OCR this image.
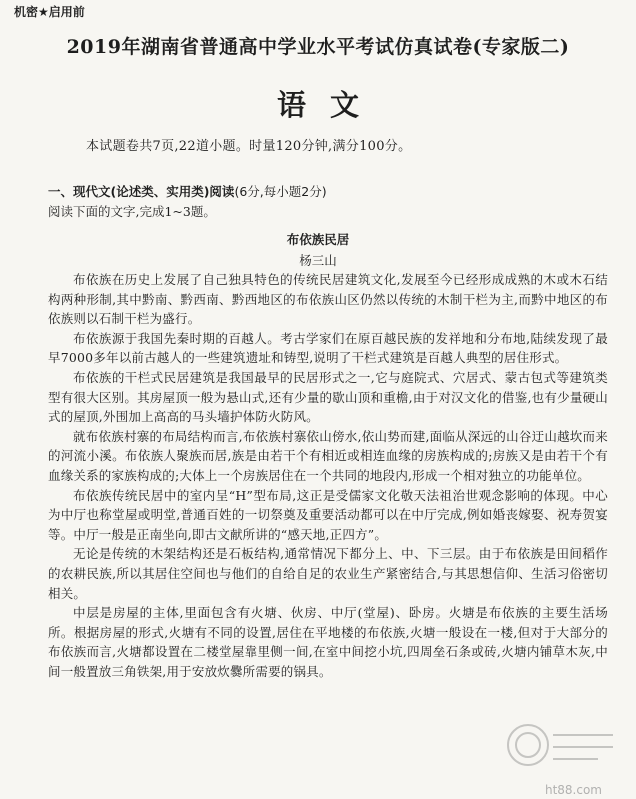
机密★启用前
2019年湖南省普通高中学业水平考试仿真试卷(专家版二)
语文
本试题卷共7页,22道小题。时量120分钟,满分100分。
一、现代文(论述类、实用类)阅读(6分,每小题2分)
阅读下面的文字,完成1~3题。
布依族民居
杨三山

布依族在历史上发展了自己独具特色的传统民居建筑文化,发展至今已经形成成熟的木或木石结构两种形制,其中黔南、黔西南、黔西地区的布依族山区仍然以传统的木制干栏为主,而黔中地区的布依族则以石制干栏为盛行。

布依族源于我国先秦时期的百越人。考古学家们在原百越民族的发祥地和分布地,陆续发现了最早7000多年以前古越人的一些建筑遗址和铸型,说明了干栏式建筑是百越人典型的居住形式。

布依族的干栏式民居建筑是我国最早的民居形式之一,它与庭院式、穴居式、蒙古包式等建筑类型有很大区别。其房屋顶一般为悬山式,还有少量的歇山顶和重檐,由于对汉文化的借鉴,也有少量硬山式的屋顶,外围加上高高的马头墙护体防火防风。

就布依族村寨的布局结构而言,布依族村寨依山傍水,依山势而建,面临从深远的山谷迂山越坎而来的河流小溪。布依族人聚族而居,族是由若干个有相近或相连血缘的房族构成的;房族又是由若干个有血缘关系的家族构成的;大体上一个房族居住在一个共同的地段内,形成一个相对独立的功能单位。

布依族传统民居中的室内呈“H”型布局,这正是受儒家文化敬天法祖治世观念影响的体现。中心为中厅也称堂屋或明堂,普通百姓的一切祭奠及重要活动都可以在中厅完成,例如婚丧嫁娶、祝寿贺宴等。中厅一般是正南坐向,即古文献所讲的“感天地,正四方”。

无论是传统的木架结构还是石板结构,通常情况下都分上、中、下三层。由于布依族是田间稻作的农耕民族,所以其居住空间也与他们的自给自足的农业生产紧密结合,与其思想信仰、生活习俗密切相关。

中层是房屋的主体,里面包含有火塘、伙房、中厅(堂屋)、卧房。火塘是布依族的主要生活场所。根据房屋的形式,火塘有不同的设置,居住在平地楼的布依族,火塘一般设在一楼,但对于大部分的布依族而言,火塘都设置在二楼堂屋靠里侧一间,在室中间挖小坑,四周垒石条或砖,火塘内铺草木灰,中间一般置放三角铁架,用于安放炊爨所需要的锅具。

ht88.com
